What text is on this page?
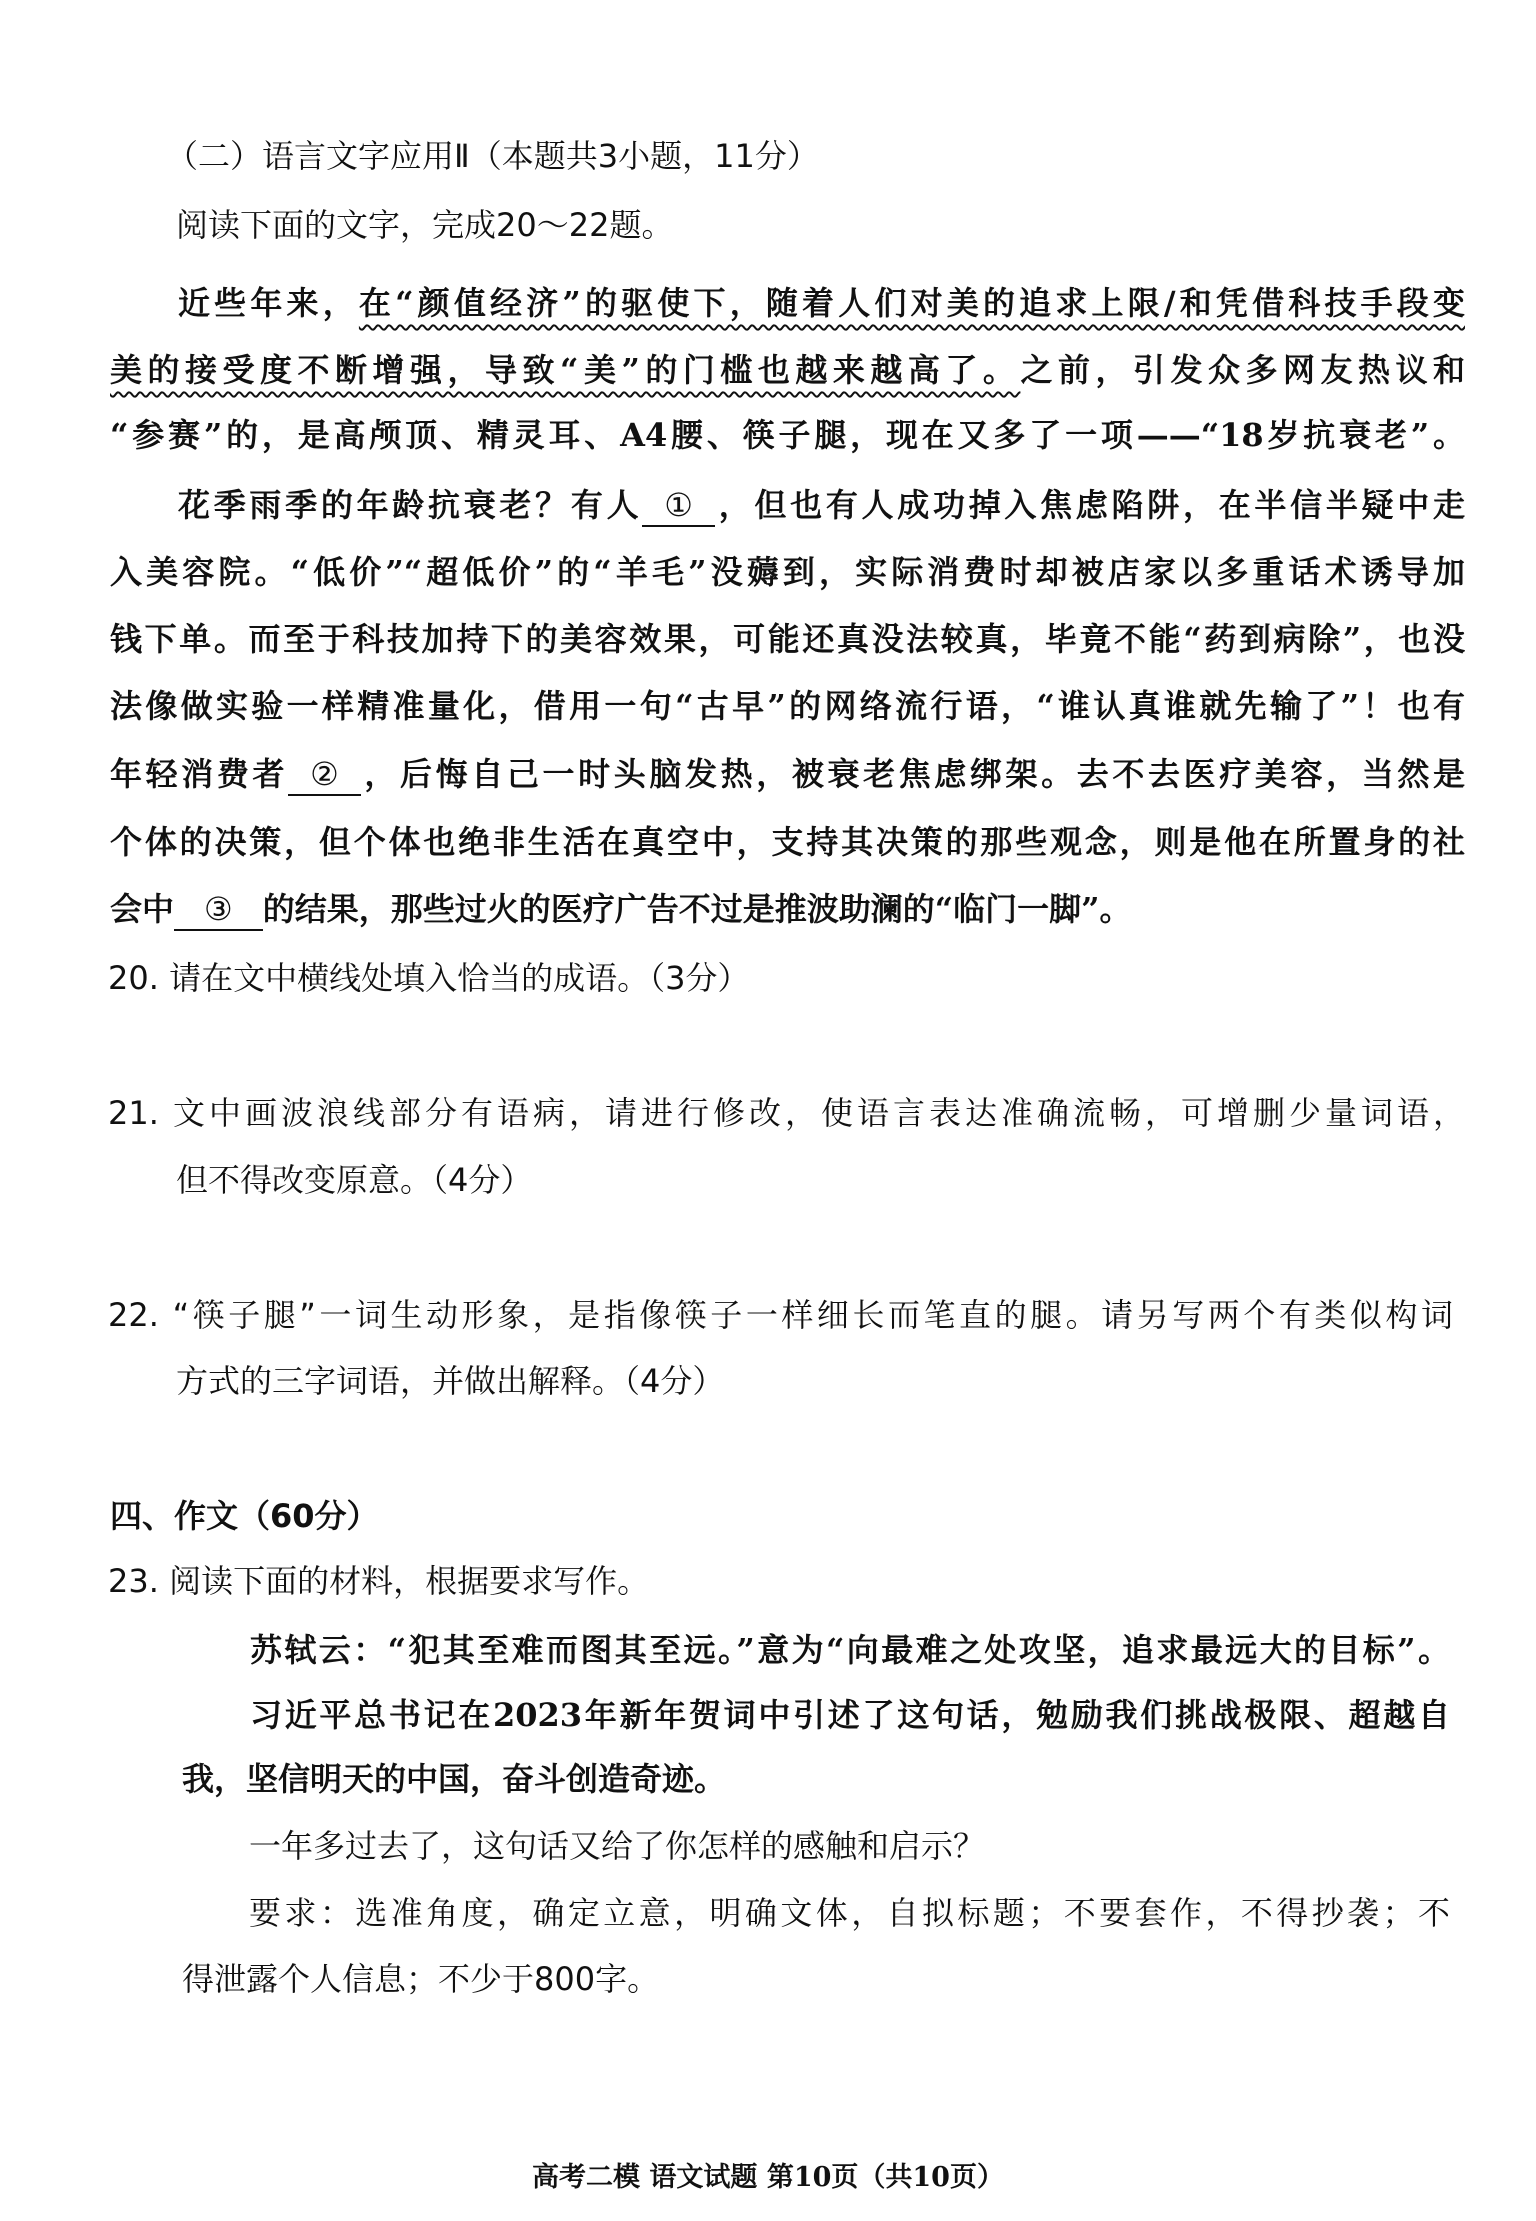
（二）语言文字应用Ⅱ（本题共3小题，11分）
阅读下面的文字，完成20～22题。
近些年来，在“颜值经济”的驱使下，随着人们对美的追求上限/和凭借科技手段变
美的接受度不断增强，导致“美”的门槛也越来越高了。之前，引发众多网友热议和
“参赛”的，是高颅顶、精灵耳、A4腰、筷子腿，现在又多了一项——“18岁抗衰老”。
花季雨季的年龄抗衰老？有人 ① ，但也有人成功掉入焦虑陷阱，在半信半疑中走
入美容院。“低价”“超低价”的“羊毛”没薅到，实际消费时却被店家以多重话术诱导加
钱下单。而至于科技加持下的美容效果，可能还真没法较真，毕竟不能“药到病除”，也没
法像做实验一样精准量化，借用一句“古早”的网络流行语，“谁认真谁就先输了”！也有
年轻消费者 ② ，后悔自己一时头脑发热，被衰老焦虑绑架。去不去医疗美容，当然是
个体的决策，但个体也绝非生活在真空中，支持其决策的那些观念，则是他在所置身的社
会中 ③ 的结果，那些过火的医疗广告不过是推波助澜的“临门一脚”。
20. 请在文中横线处填入恰当的成语。（3分）
21. 文中画波浪线部分有语病，请进行修改，使语言表达准确流畅，可增删少量词语，
但不得改变原意。（4分）
22. “筷子腿”一词生动形象，是指像筷子一样细长而笔直的腿。请另写两个有类似构词
方式的三字词语，并做出解释。（4分）
四、作文（60分）
23. 阅读下面的材料，根据要求写作。
苏轼云：“犯其至难而图其至远。”意为“向最难之处攻坚，追求最远大的目标”。
习近平总书记在2023年新年贺词中引述了这句话，勉励我们挑战极限、超越自
我，坚信明天的中国，奋斗创造奇迹。
一年多过去了，这句话又给了你怎样的感触和启示？
要求：选准角度，确定立意，明确文体，自拟标题；不要套作，不得抄袭；不
得泄露个人信息；不少于800字。
高考二模 语文试题 第10页（共10页）
